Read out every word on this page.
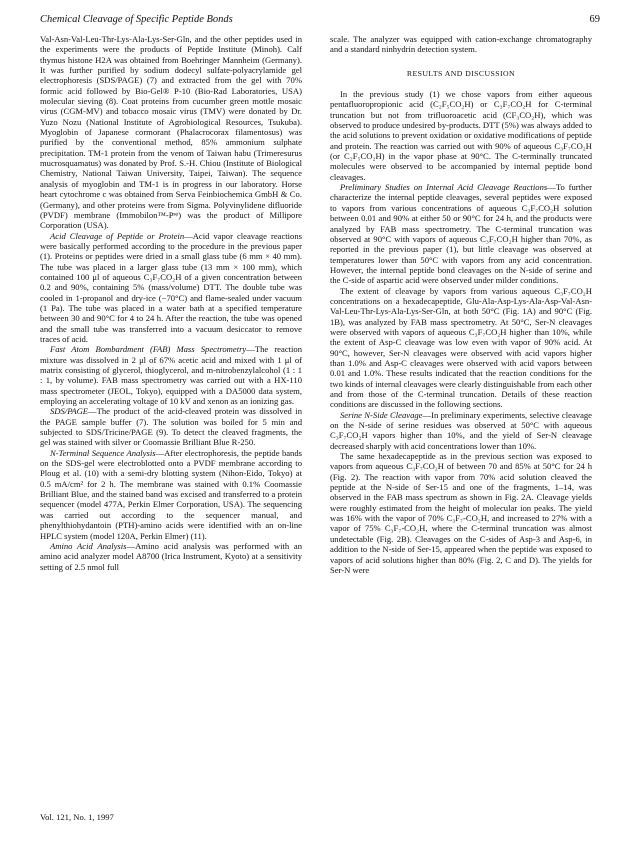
Chemical Cleavage of Specific Peptide Bonds	69

Val-Asn-Val-Leu-Thr-Lys-Ala-Lys-Ser-Gln, and the other peptides used in the experiments were the products of Peptide Institute (Minoh). Calf thymus histone H2A was obtained from Boehringer Mannheim (Germany). It was further purified by sodium dodecyl sulfate-polyacrylamide gel electrophoresis (SDS/PAGE) (7) and extracted from the gel with 70% formic acid followed by Bio-Gel® P-10 (Bio-Rad Laboratories, USA) molecular sieving (8). Coat proteins from cucumber green mottle mosaic virus (CGM-MV) and tobacco mosaic virus (TMV) were donated by Dr. Yuzo Nozu (National Institute of Agrobiological Resources, Tsukuba). Myoglobin of Japanese cormorant (Phalacrocorax filamentosus) was purified by the conventional method, 85% ammonium sulphate precipitation. TM-1 protein from the venom of Taiwan habu (Trimeresurus mucrosquamatus) was donated by Prof. S.-H. Chiou (Institute of Biological Chemistry, National Taiwan University, Taipei, Taiwan). The sequence analysis of myoglobin and TM-1 is in progress in our laboratory. Horse heart cytochrome c was obtained from Serva Feinbiochemica GmbH & Co. (Germany), and other proteins were from Sigma. Polyvinylidene difluoride (PVDF) membrane (Immobilon™-Pˢᵠ) was the product of Millipore Corporation (USA).

Acid Cleavage of Peptide or Protein—Acid vapor cleavage reactions were basically performed according to the procedure in the previous paper (1). Proteins or peptides were dried in a small glass tube (6 mm × 40 mm). The tube was placed in a larger glass tube (13 mm × 100 mm), which contained 100 μl of aqueous C₃F₇CO₂H of a given concentration between 0.2 and 90%, containing 5% (mass/volume) DTT. The double tube was cooled in 1-propanol and dry-ice (−70°C) and flame-sealed under vacuum (1 Pa). The tube was placed in a water bath at a specified temperature between 30 and 90°C for 4 to 24 h. After the reaction, the tube was opened and the small tube was transferred into a vacuum desiccator to remove traces of acid.

Fast Atom Bombardment (FAB) Mass Spectrometry—The reaction mixture was dissolved in 2 μl of 67% acetic acid and mixed with 1 μl of matrix consisting of glycerol, thioglycerol, and m-nitrobenzylalcohol (1 : 1 : 1, by volume). FAB mass spectrometry was carried out with a HX-110 mass spectrometer (JEOL, Tokyo), equipped with a DA5000 data system, employing an accelerating voltage of 10 kV and xenon as an ionizing gas.

SDS/PAGE—The product of the acid-cleaved protein was dissolved in the PAGE sample buffer (7). The solution was boiled for 5 min and subjected to SDS/Tricine/PAGE (9). To detect the cleaved fragments, the gel was stained with silver or Coomassie Brilliant Blue R-250.

N-Terminal Sequence Analysis—After electrophoresis, the peptide bands on the SDS-gel were electroblotted onto a PVDF membrane according to Ploug et al. (10) with a semi-dry blotting system (Nihon-Eido, Tokyo) at 0.5 mA/cm² for 2 h. The membrane was stained with 0.1% Coomassie Brilliant Blue, and the stained band was excised and transferred to a protein sequencer (model 477A, Perkin Elmer Corporation, USA). The sequencing was carried out according to the sequencer manual, and phenylthiohydantoin (PTH)-amino acids were identified with an on-line HPLC system (model 120A, Perkin Elmer) (11).

Amino Acid Analysis—Amino acid analysis was performed with an amino acid analyzer model A8700 (Irica Instrument, Kyoto) at a sensitivity setting of 2.5 nmol full

scale. The analyzer was equipped with cation-exchange chromatography and a standard ninhydrin detection system.

RESULTS AND DISCUSSION

In the previous study (1) we chose vapors from either aqueous pentafluoropropionic acid (C₂F₅CO₂H) or C₃F₇CO₂H for C-terminal truncation but not from trifluoroacetic acid (CF₃CO₂H), which was observed to produce undesired by-products. DTT (5%) was always added to the acid solutions to prevent oxidation or oxidative modifications of peptide and protein. The reaction was carried out with 90% of aqueous C₃F₇CO₂H (or C₂F₅CO₂H) in the vapor phase at 90°C. The C-terminally truncated molecules were observed to be accompanied by internal peptide bond cleavages.

Preliminary Studies on Internal Acid Cleavage Reactions—To further characterize the internal peptide cleavages, several peptides were exposed to vapors from various concentrations of aqueous C₃F₇CO₂H solution between 0.01 and 90% at either 50 or 90°C for 24 h, and the products were analyzed by FAB mass spectrometry. The C-terminal truncation was observed at 90°C with vapors of aqueous C₃F₇CO₂H higher than 70%, as reported in the previous paper (1), but little cleavage was observed at temperatures lower than 50°C with vapors from any acid concentration. However, the internal peptide bond cleavages on the N-side of serine and the C-side of aspartic acid were observed under milder conditions.

The extent of cleavage by vapors from various aqueous C₃F₇CO₂H concentrations on a hexadecapeptide, Glu-Ala-Asp-Lys-Ala-Asp-Val-Asn-Val-Leu-Thr-Lys-Ala-Lys-Ser-Gln, at both 50°C (Fig. 1A) and 90°C (Fig. 1B), was analyzed by FAB mass spectrometry. At 50°C, Ser-N cleavages were observed with vapors of aqueous C₃F₇CO₂H higher than 10%, while the extent of Asp-C cleavage was low even with vapor of 90% acid. At 90°C, however, Ser-N cleavages were observed with acid vapors higher than 1.0% and Asp-C cleavages were observed with acid vapors between 0.01 and 1.0%. These results indicated that the reaction conditions for the two kinds of internal cleavages were clearly distinguishable from each other and from those of the C-terminal truncation. Details of these reaction conditions are discussed in the following sections.

Serine N-Side Cleavage—In preliminary experiments, selective cleavage on the N-side of serine residues was observed at 50°C with aqueous C₃F₇CO₂H vapors higher than 10%, and the yield of Ser-N cleavage decreased sharply with acid concentrations lower than 10%.

The same hexadecapeptide as in the previous section was exposed to vapors from aqueous C₃F₇CO₂H of between 70 and 85% at 50°C for 24 h (Fig. 2). The reaction with vapor from 70% acid solution cleaved the peptide at the N-side of Ser-15 and one of the fragments, 1–14, was observed in the FAB mass spectrum as shown in Fig. 2A. Cleavage yields were roughly estimated from the height of molecular ion peaks. The yield was 16% with the vapor of 70% C₃F₇-CO₂H, and increased to 27% with a vapor of 75% C₃F₇-CO₂H, where the C-terminal truncation was almost undetectable (Fig. 2B). Cleavages on the C-sides of Asp-3 and Asp-6, in addition to the N-side of Ser-15, appeared when the peptide was exposed to vapors of acid solutions higher than 80% (Fig. 2, C and D). The yields for Ser-N were

Vol. 121, No. 1, 1997
